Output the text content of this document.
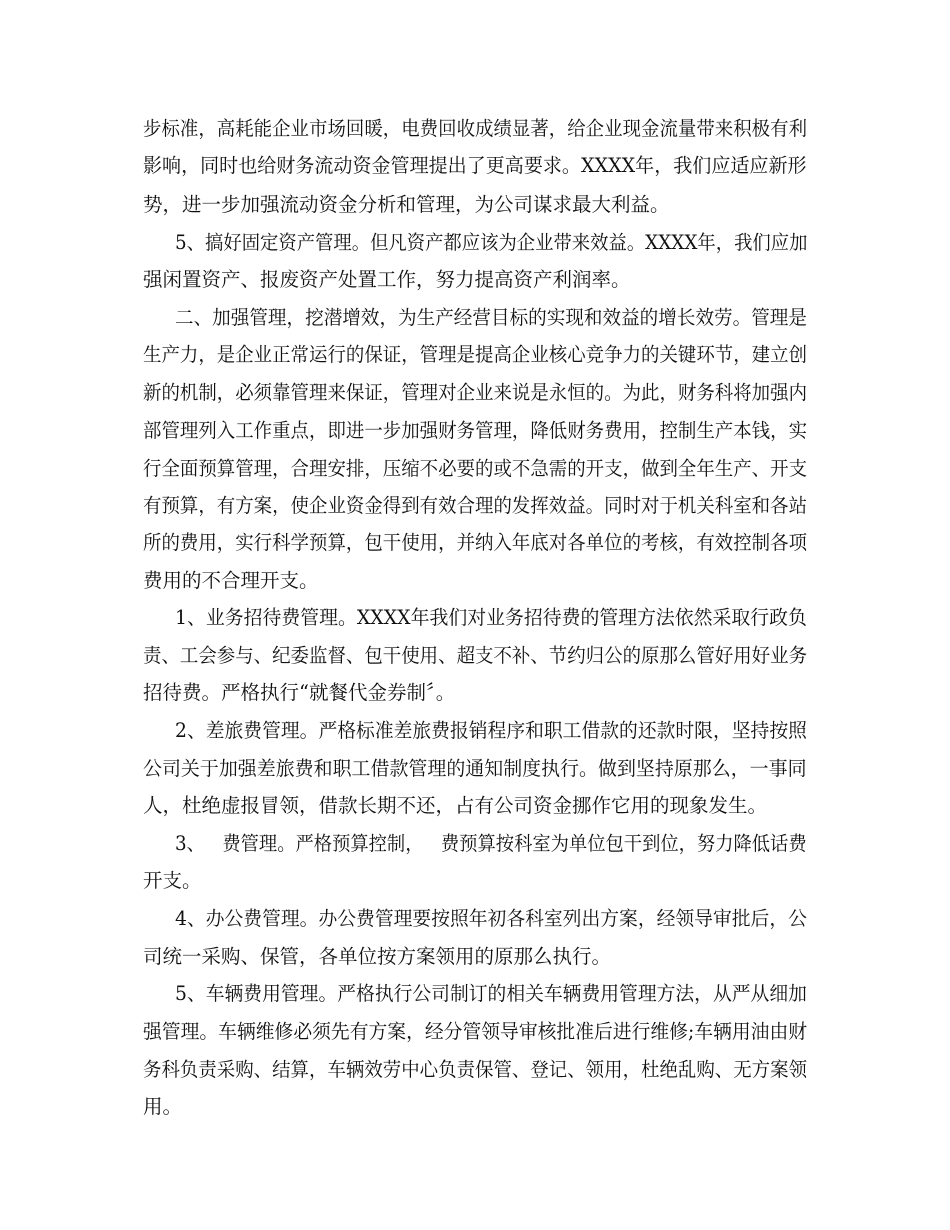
步标准，高耗能企业市场回暖，电费回收成绩显著，给企业现金流量带来积极有利
影响，同时也给财务流动资金管理提出了更高要求。XXXX年，我们应适应新形
势，进一步加强流动资金分析和管理，为公司谋求最大利益。
5、搞好固定资产管理。但凡资产都应该为企业带来效益。XXXX年，我们应加
强闲置资产、报废资产处置工作，努力提高资产利润率。
二、加强管理，挖潜增效，为生产经营目标的实现和效益的增长效劳。管理是
生产力，是企业正常运行的保证，管理是提高企业核心竞争力的关键环节，建立创
新的机制，必须靠管理来保证，管理对企业来说是永恒的。为此，财务科将加强内
部管理列入工作重点，即进一步加强财务管理，降低财务费用，控制生产本钱，实
行全面预算管理，合理安排，压缩不必要的或不急需的开支，做到全年生产、开支
有预算，有方案，使企业资金得到有效合理的发挥效益。同时对于机关科室和各站
所的费用，实行科学预算，包干使用，并纳入年底对各单位的考核，有效控制各项
费用的不合理开支。
1、业务招待费管理。XXXX年我们对业务招待费的管理方法依然采取行政负
责、工会参与、纪委监督、包干使用、超支不补、节约归公的原那么管好用好业务
招待费。严格执行“就餐代金券制〞。
2、差旅费管理。严格标准差旅费报销程序和职工借款的还款时限，坚持按照
公司关于加强差旅费和职工借款管理的通知制度执行。做到坚持原那么，一事同
人，杜绝虚报冒领，借款长期不还，占有公司资金挪作它用的现象发生。
3、   费管理。严格预算控制，   费预算按科室为单位包干到位，努力降低话费
开支。
4、办公费管理。办公费管理要按照年初各科室列出方案，经领导审批后，公
司统一采购、保管，各单位按方案领用的原那么执行。
5、车辆费用管理。严格执行公司制订的相关车辆费用管理方法，从严从细加
强管理。车辆维修必须先有方案，经分管领导审核批准后进行维修;车辆用油由财
务科负责采购、结算，车辆效劳中心负责保管、登记、领用，杜绝乱购、无方案领
用。
